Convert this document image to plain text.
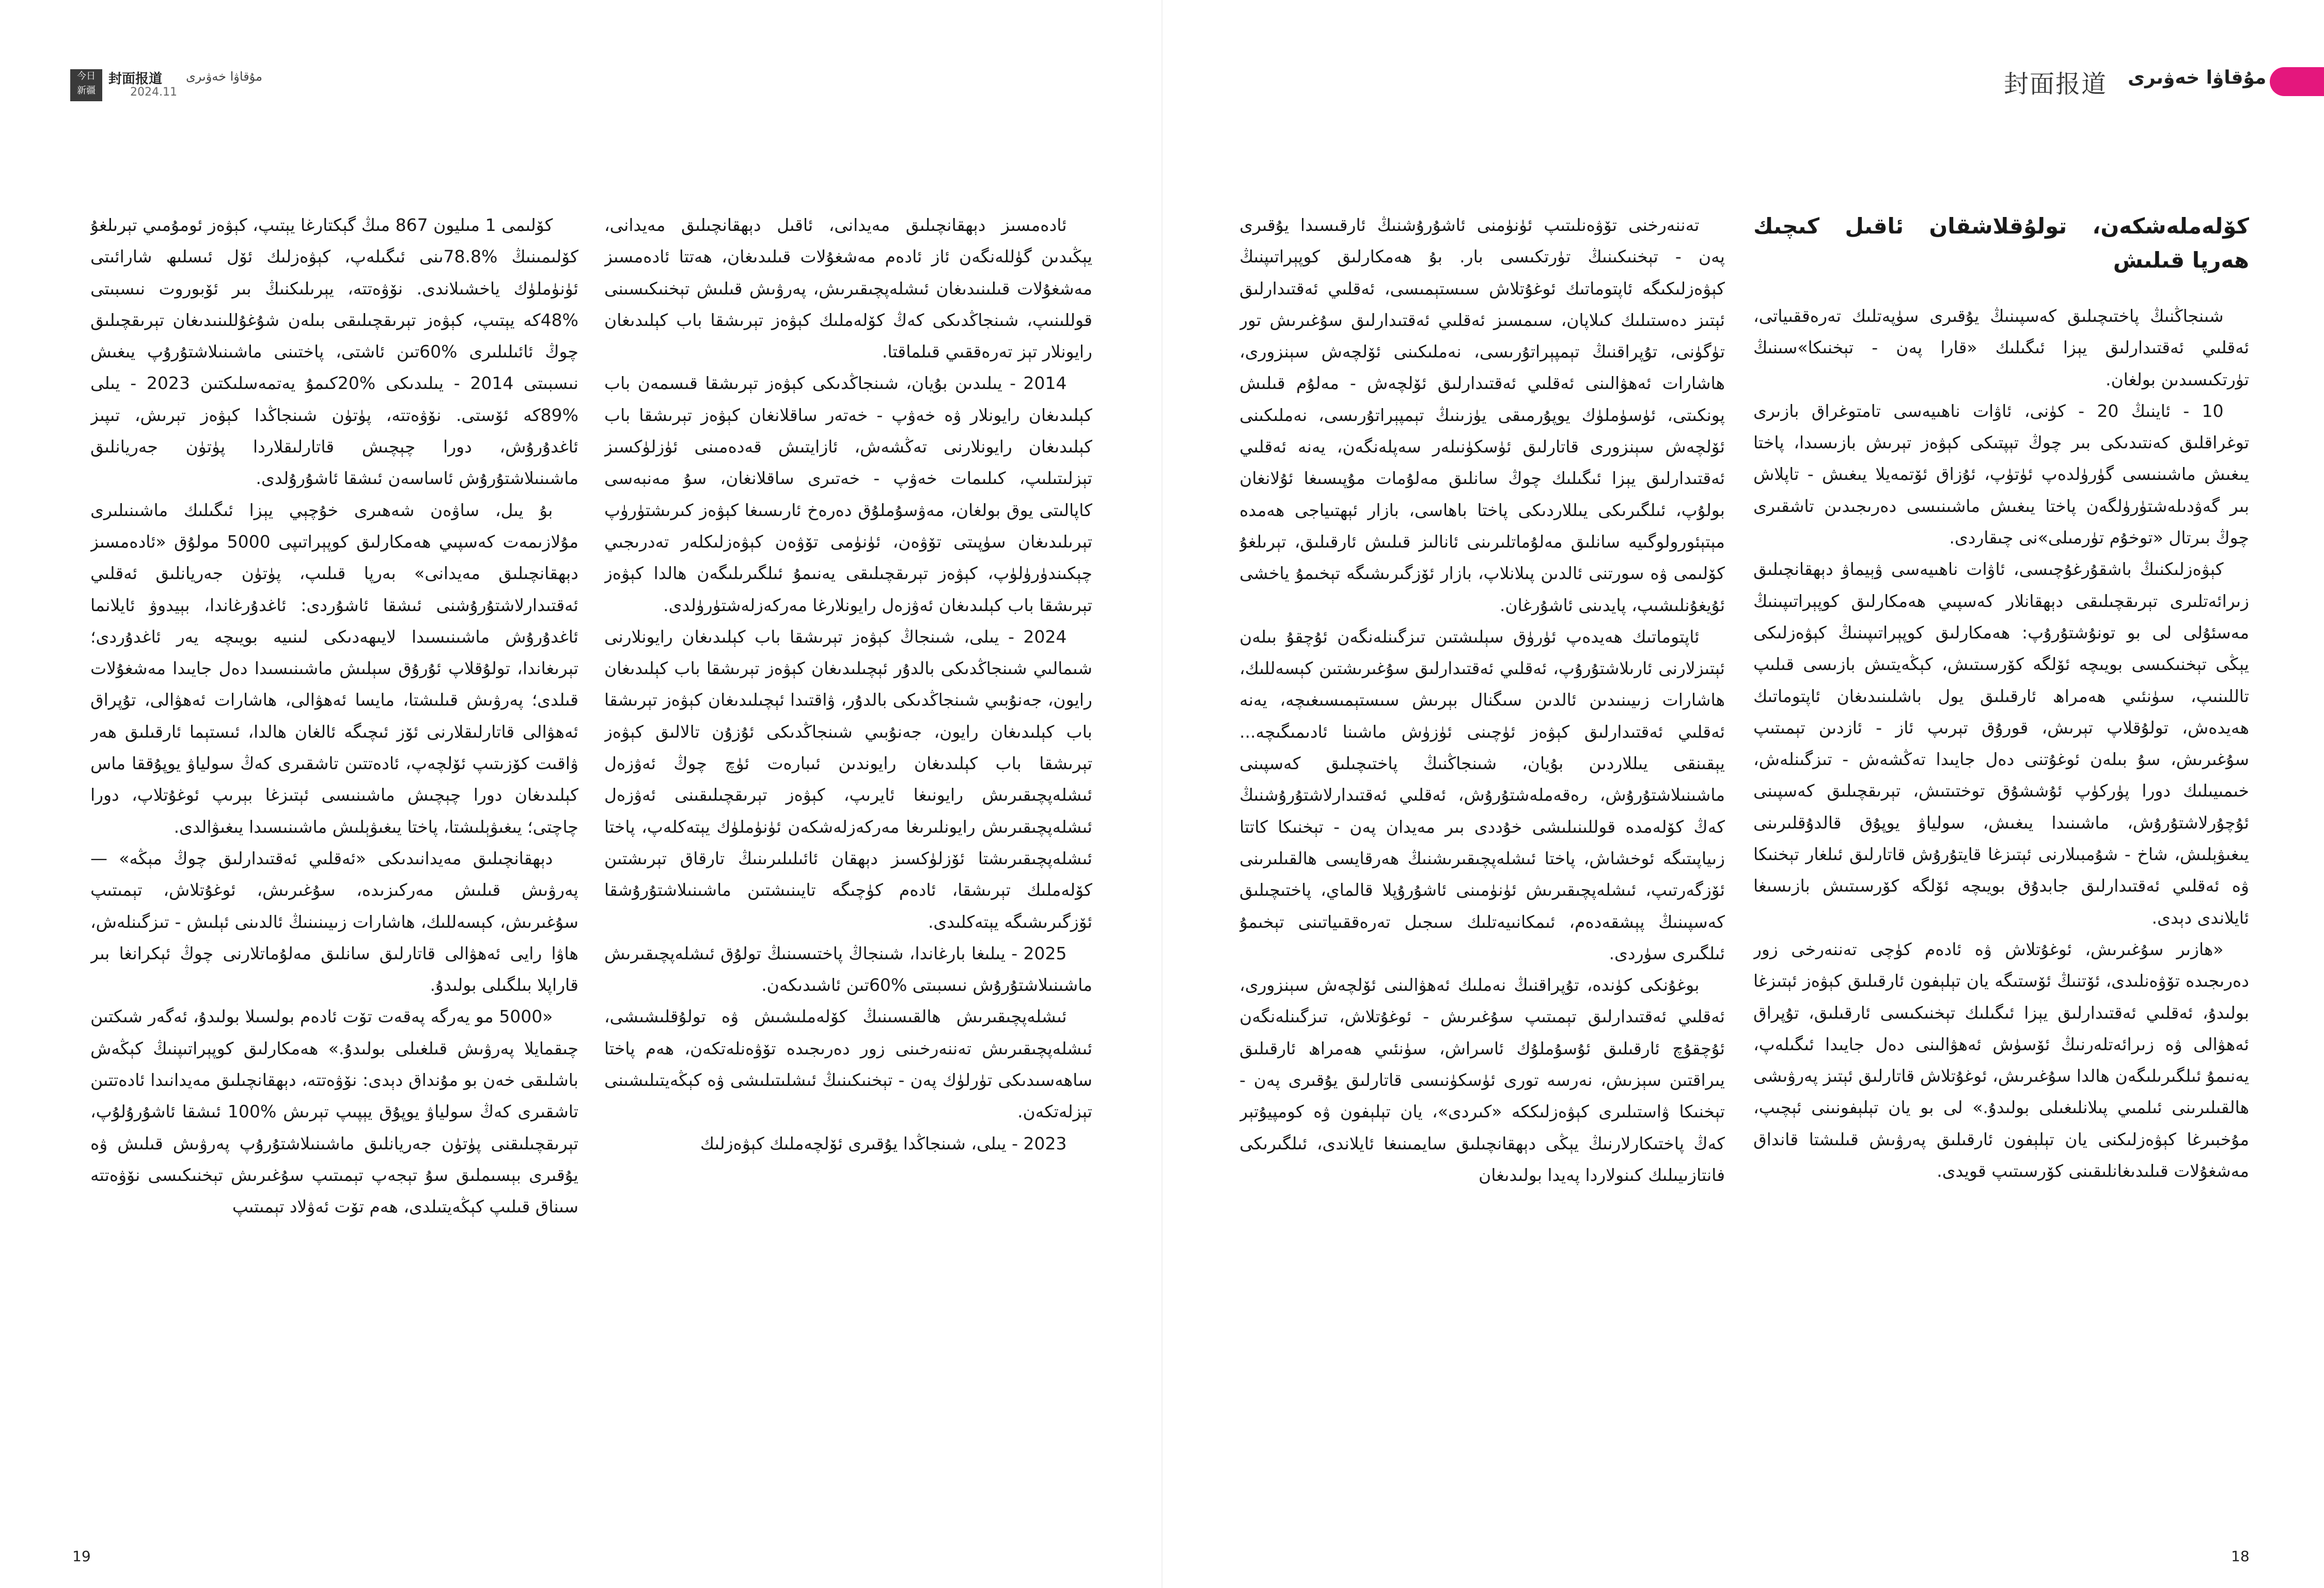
今日
新疆
封面报道 مۇقاۋا خەۋىرى
2024.11	封面报道 مۇقاۋا خەۋىرى

كۆلەملەشكەن، تولۇقلاشقان ئاقىل كىچىك ھەرپا قىلىش

شىنجاڭنىڭ پاختىچىلىق كەسپىنىڭ يۇقىرى سۈپەتلىك تەرەققىياتى، ئەقلىي ئەقتىدارلىق يېزا ئىگىلىك «قارا پەن - تېخنىكا»سىنىڭ تۈرتكىسىدىن بولغان.

10 - ئاينىڭ 20 - كۈنى، ئاۋات ناھىيەسى تامتوغراق بازىرى توغراقلىق كەنتىدىكى بىر چوڭ تېپتىكى كېۋەز تېرىش بازىسىدا، پاختا يىغىش ماشىنىسى گۈرۈلدەپ ئۈتۈپ، ئۇزاق ئۆتمەيلا يىغىش - تاپلاش بىر گەۋدىلەشتۈرۈلگەن پاختا يىغىش ماشىنىسى دەرىجىدىن تاشقىرى چوڭ بىرتال «توخۇم تۈرمىلى»نى چىقاردى.

كېۋەزلىكنىڭ باشقۇرغۇچىسى، ئاۋات ناھىيەسى ۋېيماۋ دېھقانچىلىق زىرائەتلىرى تېرىقچىلىقى دېھقانلار كەسپىي ھەمكارلىق كوپېراتىپىنىڭ مەسئۇلى لى بو تونۇشتۇرۇپ: ھەمكارلىق كوپېراتىپىنىڭ كېۋەزلىكى يېڭى تېخنىكىسى بويىچە ئۆلگە كۆرسىتىش، كېڭەيتىش بازىسى قىلىپ تاللىنىپ، سۈنئىي ھەمراھ ئارقىلىق يول باشلىنىدىغان ئاپتوماتىك ھەيدەش، تولۇقلاپ تېرىش، قورۇق تېرىپ ئاز - ئازدىن تېمىتىپ سۇغىرىش، سۇ بىلەن ئوغۇتنى دەل جايىدا تەڭشەش - تىزگىنلەش، خىمىيىلىك دورا پۈركۈپ ئۇششۇق توختىتىش، تېرىقچىلىق كەسپىنى ئۇچۇرلاشتۇرۇش، ماشىنىدا يىغىش، سولياۋ يوپۇق قالدۇقلىرىنى يىغىۋېلىش، شاخ - شۇمبىلارنى ئېتىزغا قايتۇرۇش قاتارلىق ئىلغار تېخنىكا ۋە ئەقلىي ئەقتىدارلىق جابدۇق بويىچە ئۆلگە كۆرسىتىش بازىسىغا ئايلاندى دېدى.

«ھازىر سۇغىرىش، ئوغۇتلاش ۋە ئادەم كۈچى تەننەرخى زور دەرىجىدە تۆۋەنلىدى، ئۆتنىڭ ئۆستىگە يان تېلېفون ئارقىلىق كېۋەز ئېتىزغا بولىدۇ، ئەقلىي ئەقتىدارلىق يېزا ئىگىلىك تېخنىكىسى ئارقىلىق، تۇپراق ئەھۋالى ۋە زىرائەتلەرنىڭ ئۆسۈش ئەھۋالىنى دەل جايىدا ئىگىلەپ، يەنىمۇ ئىلگىرىلىگەن ھالدا سۇغىرىش، ئوغۇتلاش قاتارلىق ئېتىز پەرۋىشى ھالقىلىرىنى ئىلمىي پىلانلىغىلى بولىدۇ.» لى بو يان تېلېفونىنى ئېچىپ، مۇخبىرغا كېۋەزلىكنى يان تېلېفون ئارقىلىق پەرۋىش قىلىشتا قانداق مەشغۇلات قىلىدىغانلىقىنى كۆرسىتىپ قويدى.

تەننەرخنى تۆۋەنلىتىپ ئۈنۈمنى ئاشۇرۇشنىڭ ئارقىسىدا يۇقىرى پەن - تېخنىكىنىڭ تۈرتكىسى بار. بۇ ھەمكارلىق كوپېراتىپنىڭ كېۋەزلىكىگە ئاپتوماتىك ئوغۇتلاش سىستېمىسى، ئەقلىي ئەقتىدارلىق ئېتىز دەستىلىك كىلاپان، سىمسىز ئەقلىي ئەقتىدارلىق سۇغىرىش تور تۈگۈنى، تۇپراقنىڭ تېمپېراتۇرىسى، نەملىكىنى ئۆلچەش سېنزورى، ھاشارات ئەھۋالىنى ئەقلىي ئەقتىدارلىق ئۆلچەش - مەلۇم قىلىش پونكىتى، ئۈسۈملۈك يوپۇرمىقى يۈزىنىڭ تېمپېراتۇرىسى، نەملىكىنى ئۆلچەش سېنزورى قاتارلىق ئۈسكۈنىلەر سەپلەنگەن، يەنە ئەقلىي ئەقتىدارلىق يېزا ئىگىلىك چوڭ سانلىق مەلۇمات مۇپىسىغا ئۇلانغان بولۇپ، ئىلگىرىكى يىللاردىكى پاختا باھاسى، بازار ئېھتىياجى ھەمدە مېتېئورولوگىيە سانلىق مەلۇماتلىرىنى ئانالىز قىلىش ئارقىلىق، تېرىلغۇ كۆلىمى ۋە سورتنى ئالدىن پىلانلاپ، بازار ئۆزگىرىشىگە تېخىمۇ ياخشى ئۇيغۇنلىشىپ، پايدىنى ئاشۇرغان.

ئاپتوماتىك ھەيدەپ ئۈرۈق سېلىشتىن تىزگىنلەنگەن ئۇچقۇ بىلەن ئېتىزلارنى ئارىلاشتۇرۇپ، ئەقلىي ئەقتىدارلىق سۇغىرىشتىن كېسەللىك، ھاشارات زىيىنىدىن ئالدىن سىگنال بېرىش سىستېمىسىغىچە، يەنە ئەقلىي ئەقتىدارلىق كېۋەز ئۈچىنى ئۈزۈش ماشىنا ئادىمىگىچە... يېقىنقى يىللاردىن بۇيان، شىنجاڭنىڭ پاختىچىلىق كەسپىنى ماشىنىلاشتۇرۇش، رەقەملەشتۇرۇش، ئەقلىي ئەقتىدارلاشتۇرۇشنىڭ كەڭ كۆلەمدە قوللىنىلىشى خۇددى بىر مەيدان پەن - تېخنىكا كاتتا زىياپىتىگە ئوخشاش، پاختا ئىشلەپچىقىرىشنىڭ ھەرقايسى ھالقىلىرىنى ئۆزگەرتىپ، ئىشلەپچىقىرىش ئۈنۈمىنى ئاشۇرۇپلا قالماي، پاختىچىلىق كەسپىنىڭ پېشقەدەم، ئىمكانىيەتلىك سىجىل تەرەققىياتىنى تېخىمۇ ئىلگىرى سۈردى.

بوغۇنكى كۈندە، تۇپراقنىڭ نەملىك ئەھۋالىنى ئۆلچەش سېنزورى، ئەقلىي ئەقتىدارلىق تېمىتىپ سۇغىرىش - ئوغۇتلاش، تىزگىنلەنگەن ئۇچقۇچ ئارقىلىق ئۇسۇملۇك ئاسراش، سۈنئىي ھەمراھ ئارقىلىق يىراقتىن سېزىش، نەرسە تورى ئۈسكۈنىسى قاتارلىق يۇقىرى پەن - تېخنىكا ۋاستىلىرى كېۋەزلىككە «كىردى»، يان تېلېفون ۋە كومپيۇتېر كەڭ پاختىكارلارنىڭ يېڭى دېھقانچىلىق سايمىنىغا ئايلاندى، ئىلگىرىكى فانتازىيىلىك كىنولاردا پەيدا بولىدىغان

ئادەمسىز دېھقانچىلىق مەيدانى، ئاقىل دېھقانچىلىق مەيدانى، يېڭىدىن گۈللەنگەن ئاز ئادەم مەشغۇلات قىلىدىغان، ھەتتا ئادەمسىز مەشغۇلات قىلىنىدىغان ئىشلەپچىقىرىش، پەرۋىش قىلىش تېخنىكىسىنى قوللىنىپ، شىنجاڭدىكى كەڭ كۆلەملىك كېۋەز تېرىشقا باب كېلىدىغان رايونلار تېز تەرەققىي قىلماقتا.

2014 - يىلىدىن بۇيان، شىنجاڭدىكى كېۋەز تېرىشقا قىسمەن باب كېلىدىغان رايونلار ۋە خەۋپ - خەتەر ساقلانغان كېۋەز تېرىشقا باب كېلىدىغان رايونلارنى تەڭشەش، ئازايتىش قەدەمىنى ئۈزلۈكسىز تېزلىتىلىپ، كىلىمات خەۋپ - خەتىرى ساقلانغان، سۇ مەنبەسى كاپالىتى يوق بولغان، مەۋسۇملۇق دەرەخ ئارىسىغا كېۋەز كىرىشتۈرۈپ تېرىلىدىغان سۈپىتى تۆۋەن، ئۈنۈمى تۆۋەن كېۋەزلىكلەر تەدرىجىي چېكىندۈرۈلۈپ، كېۋەز تېرىقچىلىقى يەنىمۇ ئىلگىرىلىگەن ھالدا كېۋەز تېرىشقا باب كېلىدىغان ئەۋزەل رايونلارغا مەركەزلەشتۈرۈلدى.

2024 - يىلى، شىنجاڭ كېۋەز تېرىشقا باب كېلىدىغان رايونلارنى شىمالىي شىنجاڭدىكى بالدۇر ئېچىلىدىغان كېۋەز تېرىشقا باب كېلىدىغان رايون، جەنۇبىي شىنجاڭدىكى بالدۇر، ۋاقتىدا ئېچىلىدىغان كېۋەز تېرىشقا باب كېلىدىغان رايون، جەنۇبىي شىنجاڭدىكى ئۇزۇن تالالىق كېۋەز تېرىشقا باب كېلىدىغان رايوندىن ئىبارەت ئۈچ چوڭ ئەۋزەل ئىشلەپچىقىرىش رايونىغا ئايرىپ، كېۋەز تېرىقچىلىقىنى ئەۋزەل ئىشلەپچىقىرىش رايونلىرىغا مەركەزلەشكەن ئۈنۈملۈك يېتەكلەپ، پاختا ئىشلەپچىقىرىشتا ئۆزلۈكسىز دېھقان ئائىلىلىرىنىڭ تارقاق تېرىشتىن كۆلەملىك تېرىشقا، ئادەم كۈچىگە تايىنىشتىن ماشىنىلاشتۇرۇشقا ئۆزگىرىشىگە يېتەكلىدى.

2025 - يىلىغا بارغاندا، شىنجاڭ پاختىسىنىڭ تولۇق ئىشلەپچىقىرىش ماشىنىلاشتۇرۇش نىسبىتى %60تىن ئاشىدىكەن.

ئىشلەپچىقىرىش ھالقىسىنىڭ كۆلەملىشىش ۋە تولۇقلىشىشى، ئىشلەپچىقىرىش تەننەرخىنى زور دەرىجىدە تۆۋەنلەتكەن، ھەم پاختا ساھەسىدىكى تۈرلۈك پەن - تېخنىكىنىڭ ئىشلىتىلىشى ۋە كېڭەيتىلىشىنى تېزلەتكەن.

2023 - يىلى، شىنجاڭدا يۇقىرى ئۆلچەملىك كېۋەزلىك

كۆلىمى 1 مىليون 867 مىڭ گېكتارغا يېتىپ، كېۋەز ئومۇمىي تېرىلغۇ كۆلىمىنىڭ %78.8ىنى ئىگىلەپ، كېۋەزلىك ئۆل ئىسلىھ شارائىتى ئۈنۈملۈك ياخشىلاندى. نۆۋەتتە، يېرىلىكنىڭ بىر ئۆبوروت نىسبىتى %48كە يېتىپ، كېۋەز تېرىقچىلىقى بىلەن شۇغۇللىنىدىغان تېرىقچىلىق چوڭ ئائىلىلىرى %60تىن ئاشتى، پاختىنى ماشىنىلاشتۇرۇپ يىغىش نىسبىتى 2014 - يىلىدىكى %20كىمۇ يەتمەسلىكتىن 2023 - يىلى %89كە ئۆستى. نۆۋەتتە، پۈتۈن شىنجاڭدا كېۋەز تېرىش، تىپىز ئاغدۇرۇش، دورا چېچىش قاتارلىقلاردا پۈتۈن جەريانلىق ماشىنىلاشتۇرۇش ئاساسەن ئىشقا ئاشۇرۇلدى.

بۇ يىل، ساۋەن شەھىرى خۇچېي يېزا ئىگىلىك ماشىنىلىرى مۇلازىمەت كەسپىي ھەمكارلىق كوپېراتىپى 5000 مولۇق «ئادەمسىز دېھقانچىلىق مەيدانى» بەرپا قىلىپ، پۈتۈن جەريانلىق ئەقلىي ئەقتىدارلاشتۇرۇشنى ئىشقا ئاشۇردى: ئاغدۇرغاندا، بېيدوۋ ئايلانما ئاغدۇرۇش ماشىنىسىدا لايىھەدىكى لىنىيە بويىچە يەر ئاغدۇردى؛ تېرىغاندا، تولۇقلاپ ئۇرۇق سېلىش ماشىنىسىدا دەل جايىدا مەشغۇلات قىلدى؛ پەرۋىش قىلىشتا، مايسا ئەھۋالى، ھاشارات ئەھۋالى، تۇپراق ئەھۋالى قاتارلىقلارنى ئۆز ئىچىگە ئالغان ھالدا، ئىستېما ئارقىلىق ھەر ۋاقىت كۆزىتىپ ئۆلچەپ، ئادەتتىن تاشقىرى كەڭ سولياۋ يوپۇققا ماس كېلىدىغان دورا چېچىش ماشىنىسى ئېتىزغا بېرىپ ئوغۇتلاپ، دورا چاچتى؛ يىغىۋېلىشتا، پاختا يىغىۋېلىش ماشىنىسىدا يىغىۋالدى.

دېھقانچىلىق مەيدانىدىكى «ئەقلىي ئەقتىدارلىق چوڭ مېڭە» — پەرۋىش قىلىش مەركىزىدە، سۇغىرىش، ئوغۇتلاش، تېمىتىپ سۇغىرىش، كېسەللىك، ھاشارات زىيىنىنىڭ ئالدىنى ئېلىش - تىزگىنلەش، ھاۋا رايى ئەھۋالى قاتارلىق سانلىق مەلۇماتلارنى چوڭ ئېكرانغا بىر قاراپلا بىلگىلى بولىدۇ.

«5000 مو يەرگە پەقەت تۆت ئادەم بولسىلا بولىدۇ، ئەگەر شىكتىن چىقمايلا پەرۋىش قىلغىلى بولىدۇ.» ھەمكارلىق كوپېراتىپنىڭ كېڭەش باشلىقى خەن بو مۇنداق دېدى: نۆۋەتتە، دېھقانچىلىق مەيدانىدا ئادەتتىن تاشقىرى كەڭ سولياۋ يوپۇق يېپىپ تېرىش %100 ئىشقا ئاشۇرۇلۇپ، تېرىقچىلىقنى پۈتۈن جەريانلىق ماشىنىلاشتۇرۇپ پەرۋىش قىلىش ۋە يۇقىرى بېسىملىق سۇ تېجەپ تېمىتىپ سۇغىرىش تېخنىكىسى نۆۋەتتە سىناق قىلىپ كېڭەيتىلدى، ھەم تۆت ئەۋلاد تېمىتىپ

19	18
